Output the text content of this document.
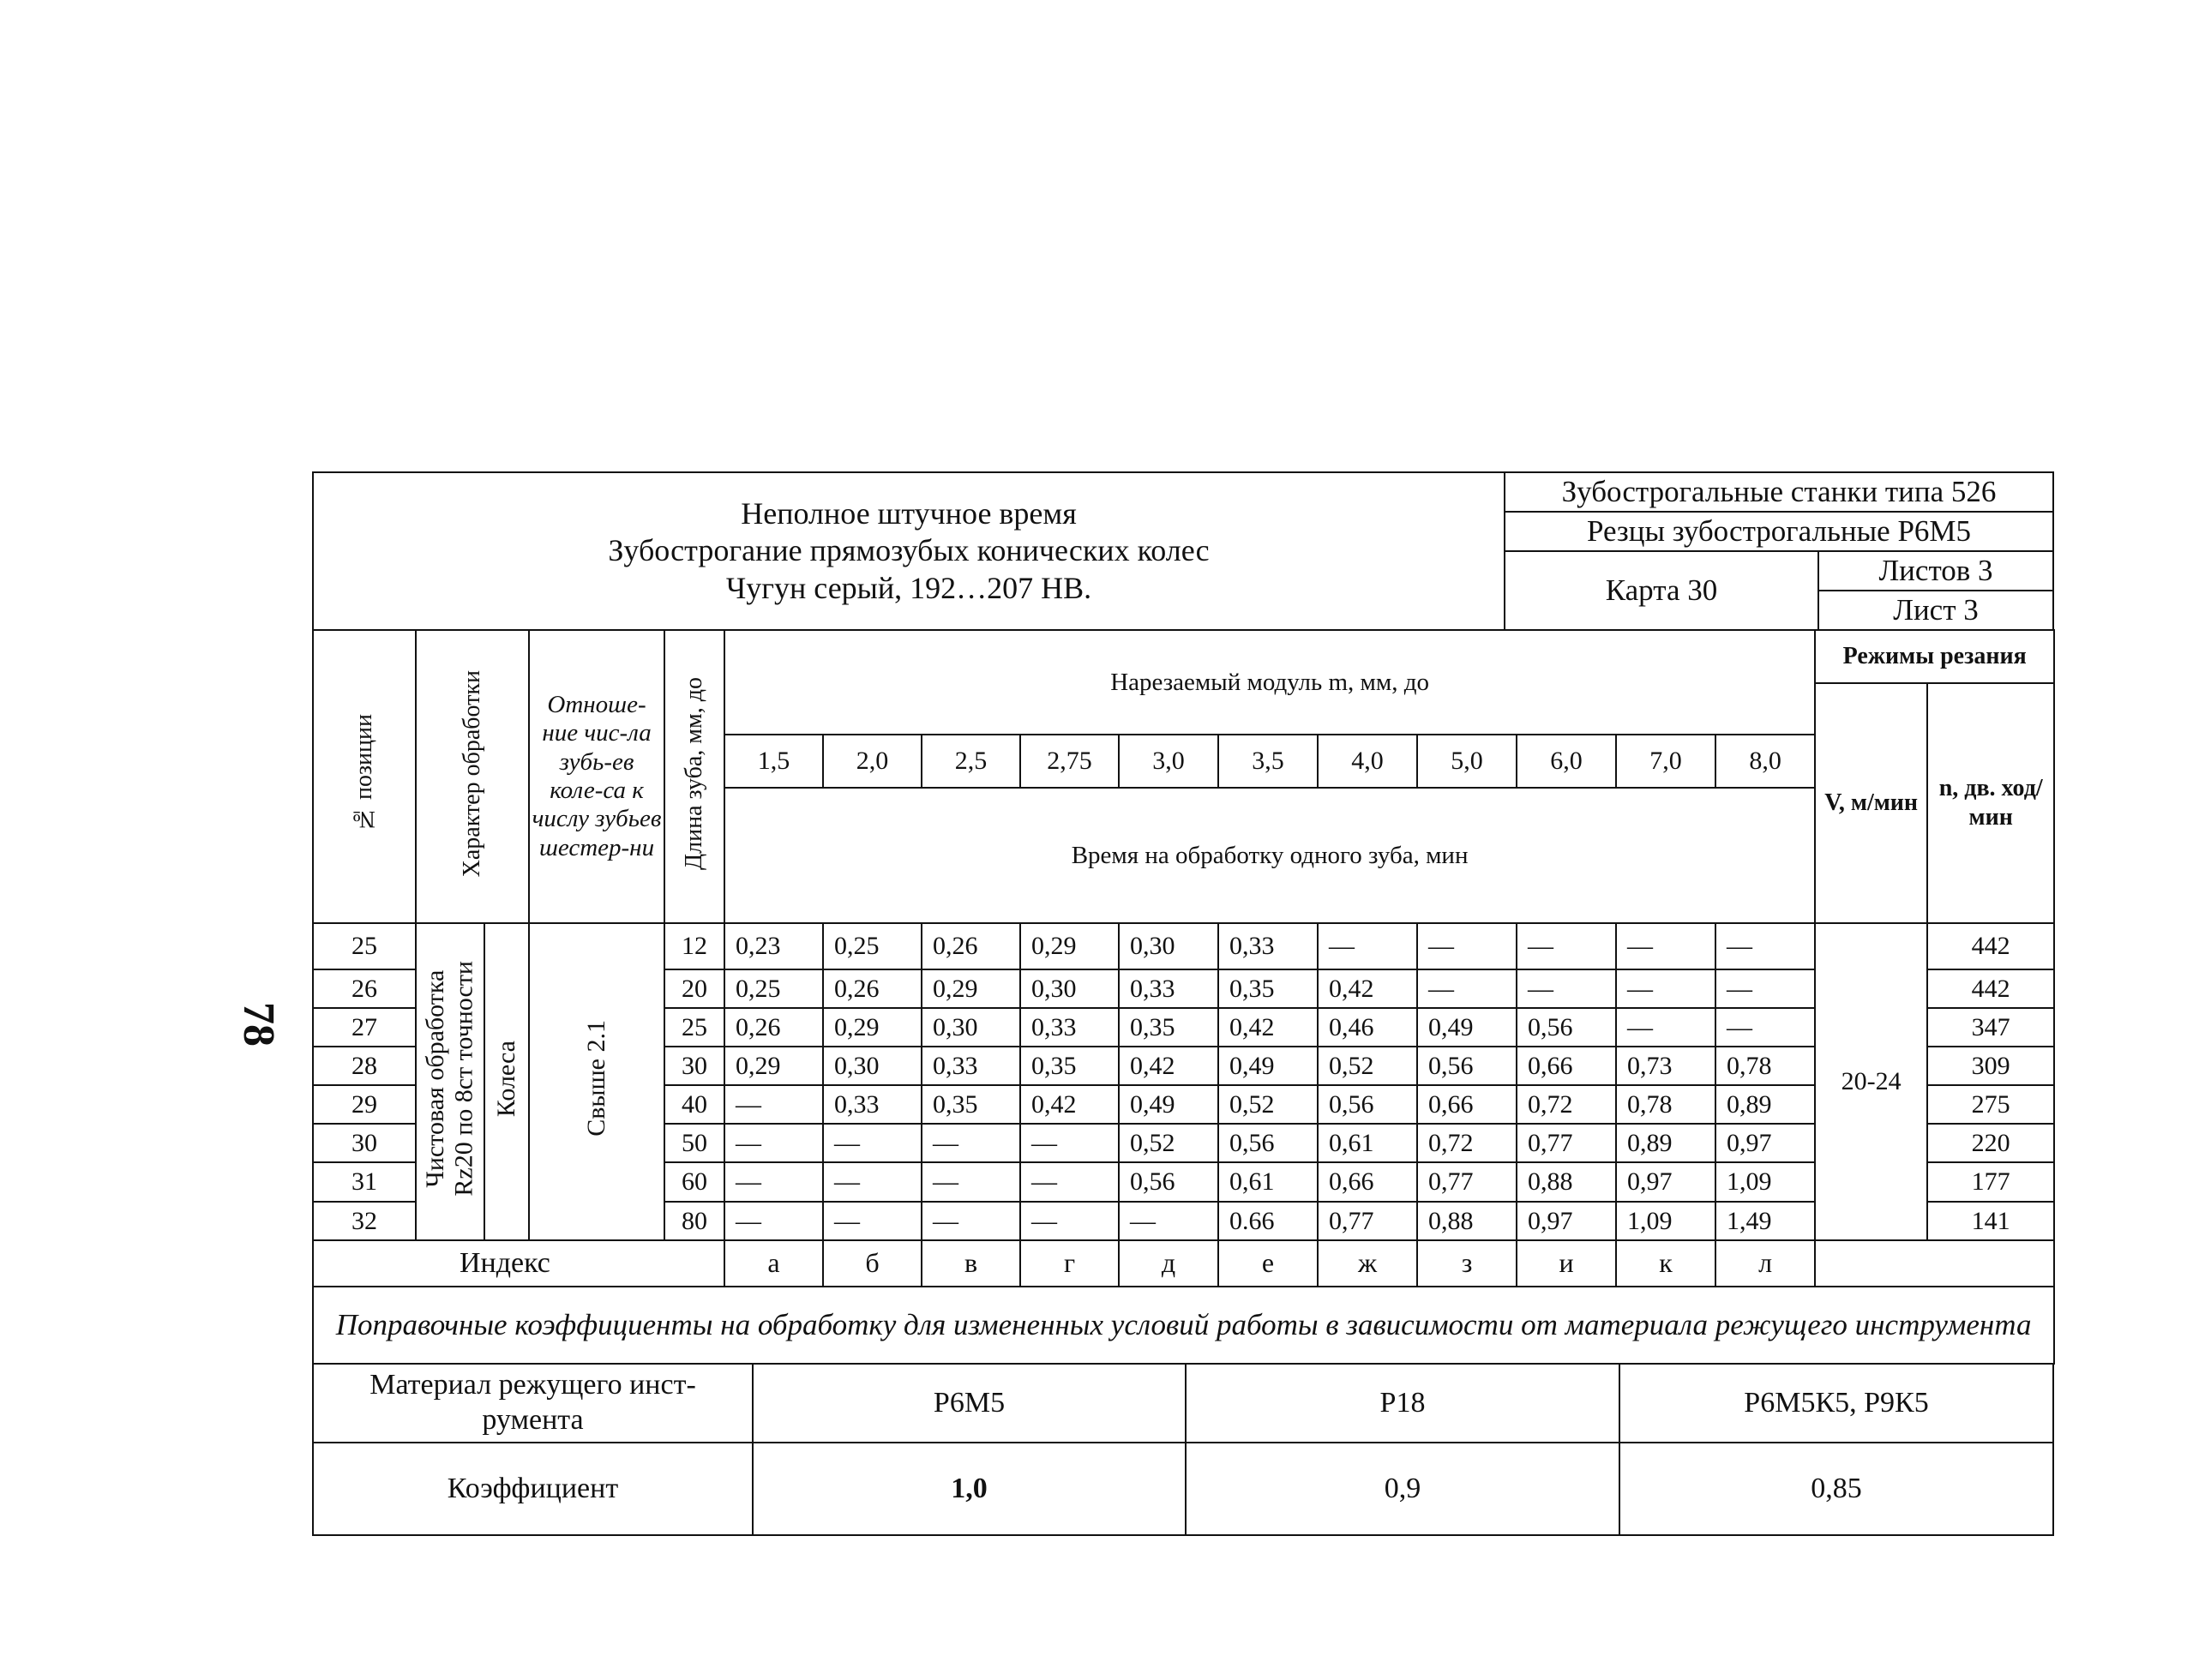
78
Неполное штучное время
Зубострогание прямозубых конических колес
Чугун серый, 192…207 НВ.	Зубострогальные станки типа 526	
	Резцы зубострогальные Р6М5	
	Карта 30	Листов 3
		Лист 3
№ позиции	Характер обработки		Отноше-ние чис-ла зубь-ев коле-са к числу зубьев шестер-ни	Длина зуба, мм, до	Нарезаемый модуль m, мм, до											Режимы резания	
																V, м/мин	n, дв. ход/мин
					1,5	2,0	2,5	2,75	3,0	3,5	4,0	5,0	6,0	7,0	8,0		
					Время на обработку одного зуба, мин												
25	Чистовая обработка Rz20 по 8ст точности	Колеса	Свыше 2.1	12	0,23	0,25	0,26	0,29	0,30	0,33	—	—	—	—	—	20-24	442
26				20	0,25	0,26	0,29	0,30	0,33	0,35	0,42	—	—	—	—		442
27				25	0,26	0,29	0,30	0,33	0,35	0,42	0,46	0,49	0,56	—	—		347
28				30	0,29	0,30	0,33	0,35	0,42	0,49	0,52	0,56	0,66	0,73	0,78		309
29				40	—	0,33	0,35	0,42	0,49	0,52	0,56	0,66	0,72	0,78	0,89		275
30				50	—	—	—	—	0,52	0,56	0,61	0,72	0,77	0,89	0,97		220
31				60	—	—	—	—	0,56	0,61	0,66	0,77	0,88	0,97	1,09		177
32				80	—	—	—	—	—	0.66	0,77	0,88	0,97	1,09	1,49		141
Индекс					а	б	в	г	д	е	ж	з	и	к	л		
Поправочные коэффициенты на обработку для измененных условий работы в зависимости от материала режущего инструмента																	
Материал режущего инст-румента	Р6М5	Р18	Р6М5К5, Р9К5
Коэффициент	1,0	0,9	0,85
